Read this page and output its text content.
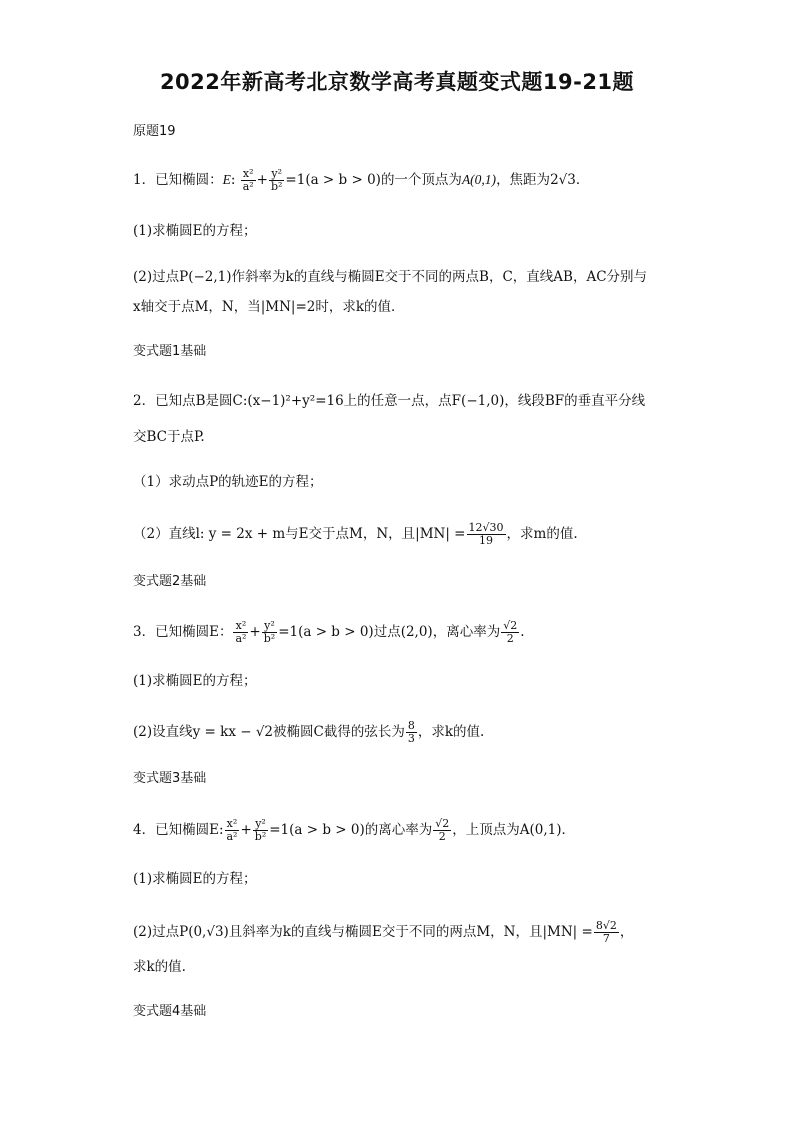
2022年新高考北京数学高考真题变式题19-21题
原题19
1．已知椭圆：E: $\frac{\text{x²}}{\text{a²}} + \frac{\text{y²}}{\text{b²}} =1(a > b > 0)$的一个顶点为A(0,1)，焦距为2√3．
(1)求椭圆E的方程；
(2)过点P(−2,1)作斜率为k的直线与椭圆E交于不同的两点B，C，直线AB，AC分别与
x轴交于点M，N，当|MN|=2时，求k的值．
变式题1基础
2．已知点B是圆C:(x−1)²+y²=16上的任意一点，点F(−1,0)，线段BF的垂直平分线
交BC于点P.
（1）求动点P的轨迹E的方程；
（2）直线l: y = 2x + m与E交于点M，N，且$|MN| = \frac{12√30}{19}$ ，求m的值.
变式题2基础
3．已知椭圆E： $\frac{\text{x²}}{\text{a²}} + \frac{\text{y²}}{\text{b²}} =1(a > b > 0)$过点(2,0)，离心率为 $\frac{√2}{2}$ .
(1)求椭圆E的方程；
(2)设直线y = kx − √2被椭圆C截得的弦长为 $\frac{8}{3}$ ，求k的值.
变式题3基础
4．已知椭圆E: $\frac{\text{x²}}{\text{a²}} + \frac{\text{y²}}{\text{b²}} =1(a > b > 0)$的离心率为 $\frac{√2}{2}$ ，上顶点为A(0,1)．
(1)求椭圆E的方程；
(2)过点P(0,√3)且斜率为k的直线与椭圆E交于不同的两点M，N，且$|MN| = \frac{8√2}{7}$ ，
求k的值.
变式题4基础
